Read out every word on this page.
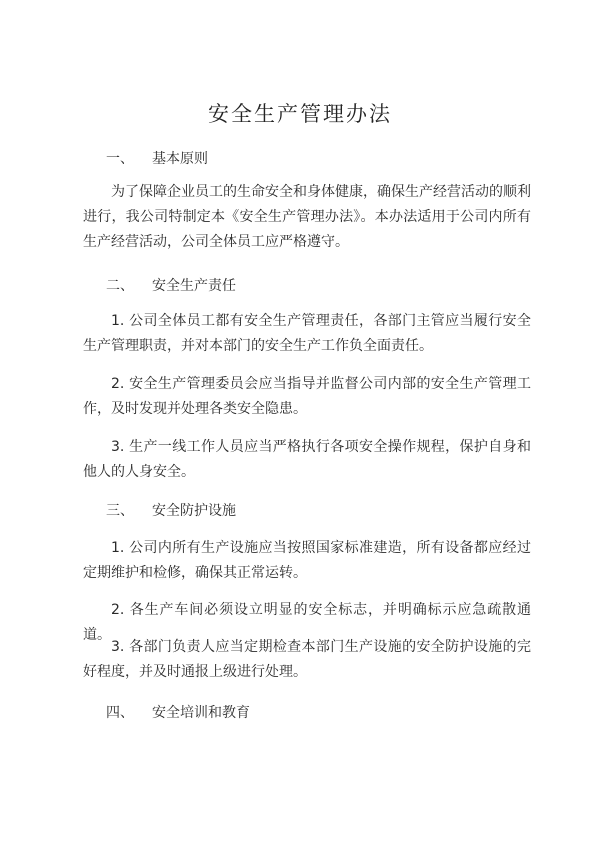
安全生产管理办法
一、 基本原则
为了保障企业员工的生命安全和身体健康，确保生产经营活动的顺利进行，我公司特制定本《安全生产管理办法》。本办法适用于公司内所有生产经营活动，公司全体员工应严格遵守。
二、 安全生产责任
1. 公司全体员工都有安全生产管理责任，各部门主管应当履行安全生产管理职责，并对本部门的安全生产工作负全面责任。
2. 安全生产管理委员会应当指导并监督公司内部的安全生产管理工作，及时发现并处理各类安全隐患。
3. 生产一线工作人员应当严格执行各项安全操作规程，保护自身和他人的人身安全。
三、 安全防护设施
1. 公司内所有生产设施应当按照国家标准建造，所有设备都应经过定期维护和检修，确保其正常运转。
2. 各生产车间必须设立明显的安全标志，并明确标示应急疏散通道。
3. 各部门负责人应当定期检查本部门生产设施的安全防护设施的完好程度，并及时通报上级进行处理。
四、 安全培训和教育
